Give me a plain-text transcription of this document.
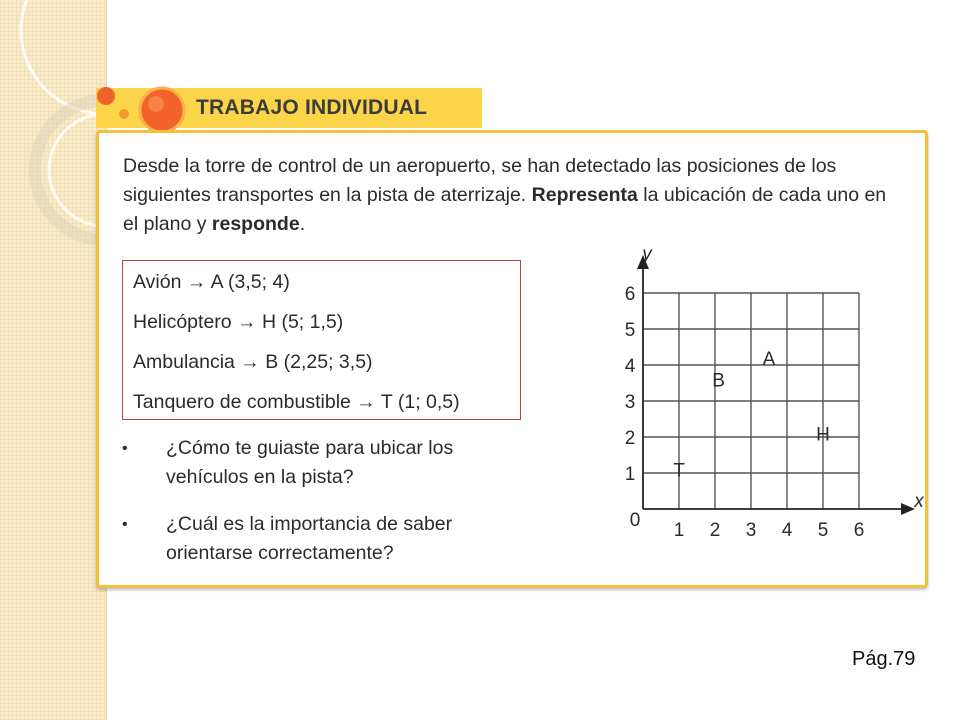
TRABAJO INDIVIDUAL
Desde la torre de control de un aeropuerto, se han detectado las posiciones de los siguientes transportes en la pista de aterrizaje. Representa la ubicación de cada uno en el plano y responde.
Avión → A (3,5; 4)
Helicóptero → H (5; 1,5)
Ambulancia → B (2,25; 3,5)
Tanquero de combustible → T (1; 0,5)
• ¿Cómo te guiaste para ubicar los vehículos en la pista?
• ¿Cuál es la importancia de saber orientarse correctamente?
1 2 3 4 5 6
1
2
3
4
5
6
0
x
y
A
B
H
T
Pág.79
